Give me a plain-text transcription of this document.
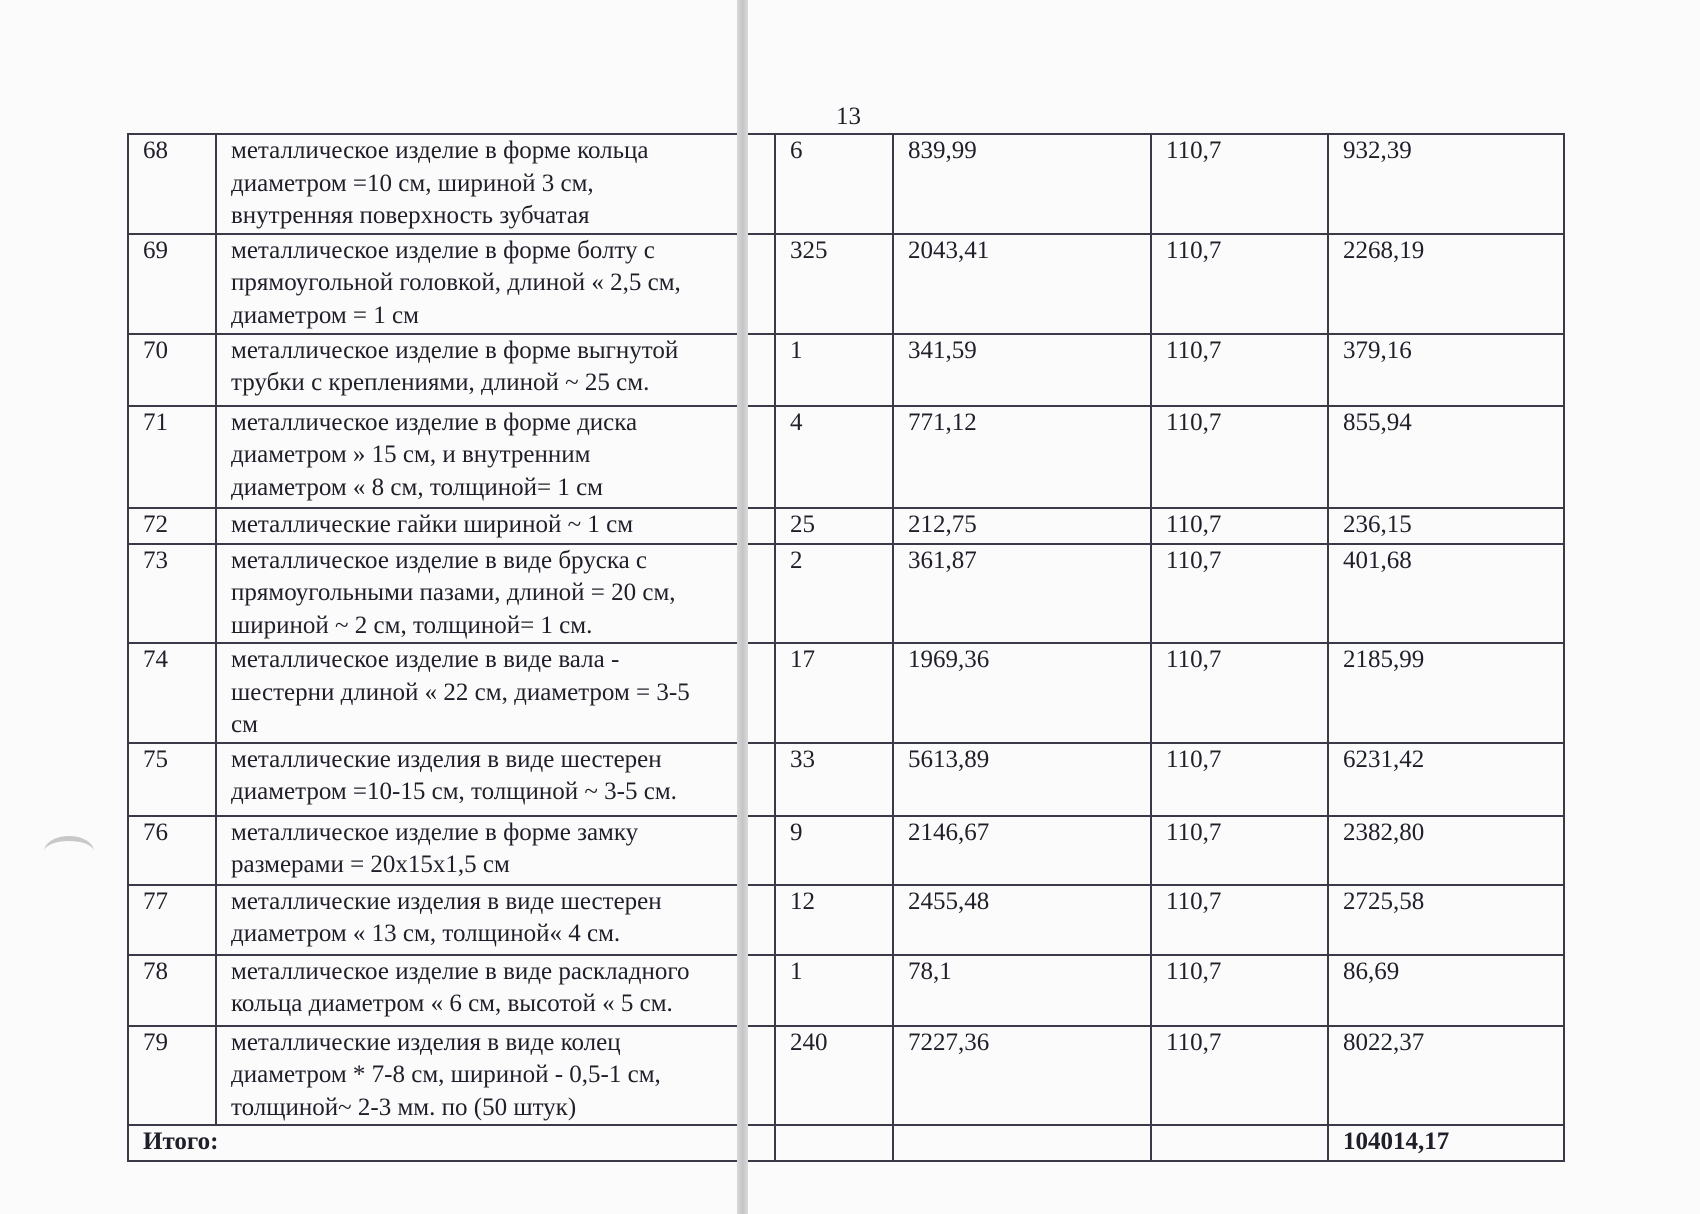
13
68	металлическое изделие в форме кольца
диаметром =10 см, шириной 3 см,
внутренняя поверхность зубчатая	6	839,99	110,7	932,39
69	металлическое изделие в форме болту с
прямоугольной головкой, длиной « 2,5 см,
диаметром = 1 см	325	2043,41	110,7	2268,19
70	металлическое изделие в форме выгнутой
трубки с креплениями, длиной ~ 25 см.	1	341,59	110,7	379,16
71	металлическое изделие в форме диска
диаметром » 15 см, и внутренним
диаметром « 8 см, толщиной= 1 см	4	771,12	110,7	855,94
72	металлические гайки шириной ~ 1 см	25	212,75	110,7	236,15
73	металлическое изделие в виде бруска с
прямоугольными пазами, длиной = 20 см,
шириной ~ 2 см, толщиной= 1 см.	2	361,87	110,7	401,68
74	металлическое изделие в виде вала -
шестерни длиной « 22 см, диаметром = 3-5
см	17	1969,36	110,7	2185,99
75	металлические изделия в виде шестерен
диаметром =10-15 см, толщиной ~ 3-5 см.	33	5613,89	110,7	6231,42
76	металлическое изделие в форме замку
размерами = 20x15x1,5 см	9	2146,67	110,7	2382,80
77	металлические изделия в виде шестерен
диаметром « 13 см, толщиной« 4 см.	12	2455,48	110,7	2725,58
78	металлическое изделие в виде раскладного
кольца диаметром « 6 см, высотой « 5 см.	1	78,1	110,7	86,69
79	металлические изделия в виде колец
диаметром * 7-8 см, шириной - 0,5-1 см,
толщиной~ 2-3 мм. по (50 штук)	240	7227,36	110,7	8022,37
Итого:					104014,17
